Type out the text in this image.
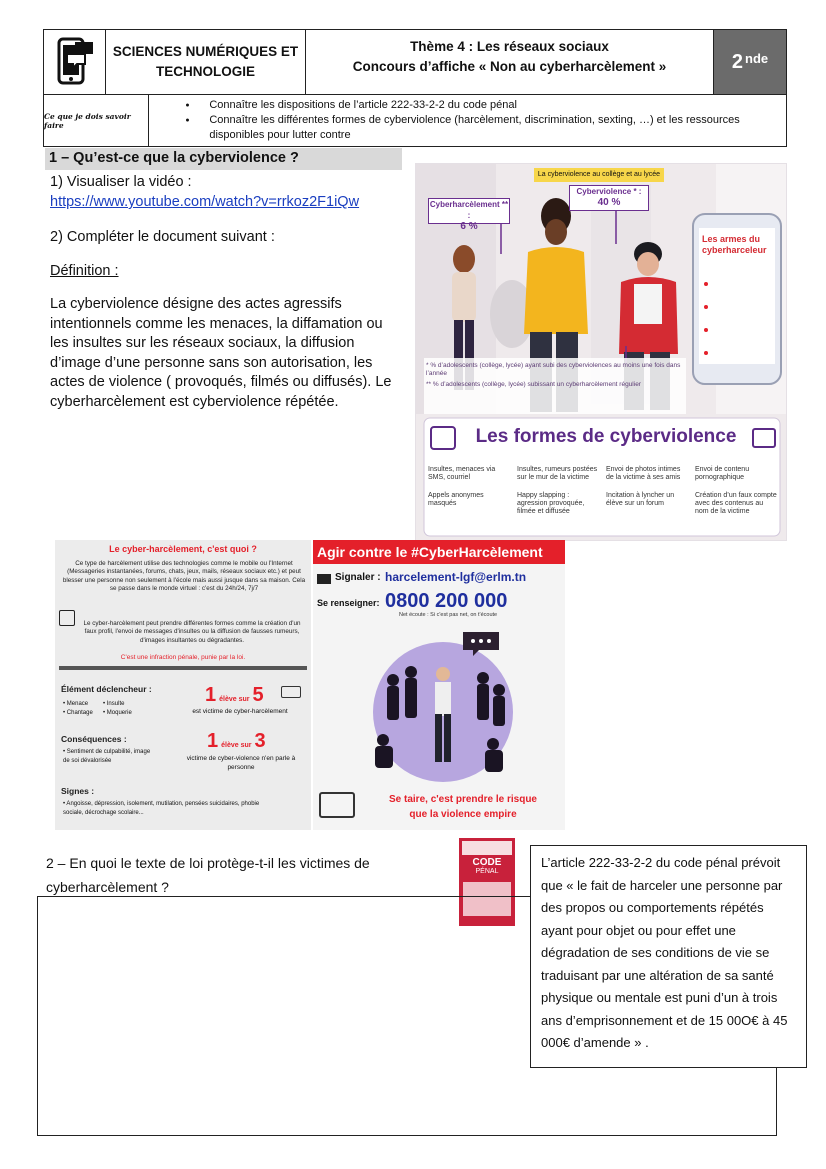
SCIENCES NUMÉRIQUES ET
TECHNOLOGIE
Thème 4 : Les réseaux sociaux
Concours d’affiche « Non au cyberharcèlement »	2nde
Ce que je dois savoir faire
● Connaître les dispositions de l’article 222-33-2-2 du code pénal
● Connaître les différentes formes de cyberviolence (harcèlement, discrimination, sexting, …) et les ressources disponibles pour lutter contre
1 – Qu’est-ce que la cyberviolence ?
1) Visualiser la vidéo :
https://www.youtube.com/watch?v=rrkoz2F1iQw
2) Compléter le document suivant :
Définition :
La cyberviolence désigne des actes agressifs intentionnels comme les menaces, la diffamation ou les insultes sur les réseaux sociaux, la diffusion d’image d’une personne sans son autorisation, les actes de violence ( provoqués, filmés ou diffusés). Le cyberharcèlement est cyberviolence répétée.
La cyberviolence au collège et au lycée
Cyberharcèlement ** :
6 %
Cyberviolence * :
40 %
Les armes du cyberharceleur
* % d’adolescents (collège, lycée) ayant subi des cyberviolences au moins une fois dans l’année
** % d’adolescents (collège, lycée) subissant un cyberharcèlement régulier
Les formes de cyberviolence
Insultes, menaces via SMS, courriel
Insultes, rumeurs postées sur le mur de la victime
Envoi de photos intimes de la victime à ses amis
Envoi de contenu pornographique
Appels anonymes masqués
Happy slapping : agression provoquée, filmée et diffusée
Incitation à lyncher un élève sur un forum
Création d’un faux compte avec des contenus au nom de la victime
Le cyber-harcèlement, c'est quoi ?
Ce type de harcèlement utilise des technologies comme le mobile ou l'Internet (Messageries instantanées, forums, chats, jeux, mails, réseaux sociaux etc.) et peut blesser une personne non seulement à l'école mais aussi jusque dans sa maison. Cela se passe dans le monde virtuel : c'est du 24h/24, 7j/7
Le cyber-harcèlement peut prendre différentes formes comme la création d'un faux profil, l'envoi de messages d'insultes ou la diffusion de fausses rumeurs, d'images insultantes ou dégradantes.
C'est une infraction pénale, punie par la loi.
Élément déclencheur :
• Menace	• Insulte
• Chantage	• Moquerie
1 élève sur 5
est victime de cyber-harcèlement
Conséquences :
• Sentiment de culpabilité, image de soi dévalorisée
1 élève sur 3
victime de cyber-violence n'en parle à personne
Signes :
• Angoisse, dépression, isolement, mutilation, pensées suicidaires, phobie sociale, décrochage scolaire...
Agir contre le #CyberHarcèlement
Signaler : harcelement-lgf@erlm.tn
Se renseigner: 0800 200 000
Net écoute : Si c'est pas net, on t'écoute
Se taire, c'est prendre le risque
que la violence empire
2 – En quoi le texte de loi protège-t-il les victimes de cyberharcèlement ?
CODE
PÉNAL
L’article 222-33-2-2 du code pénal prévoit que « le fait de harceler une personne par des propos ou comportements répétés ayant pour objet ou pour effet une dégradation de ses conditions de vie se traduisant par une altération de sa santé physique ou mentale est puni d’un à trois ans d’emprisonnement et de 15 00O€ à 45 000€ d’amende » .
